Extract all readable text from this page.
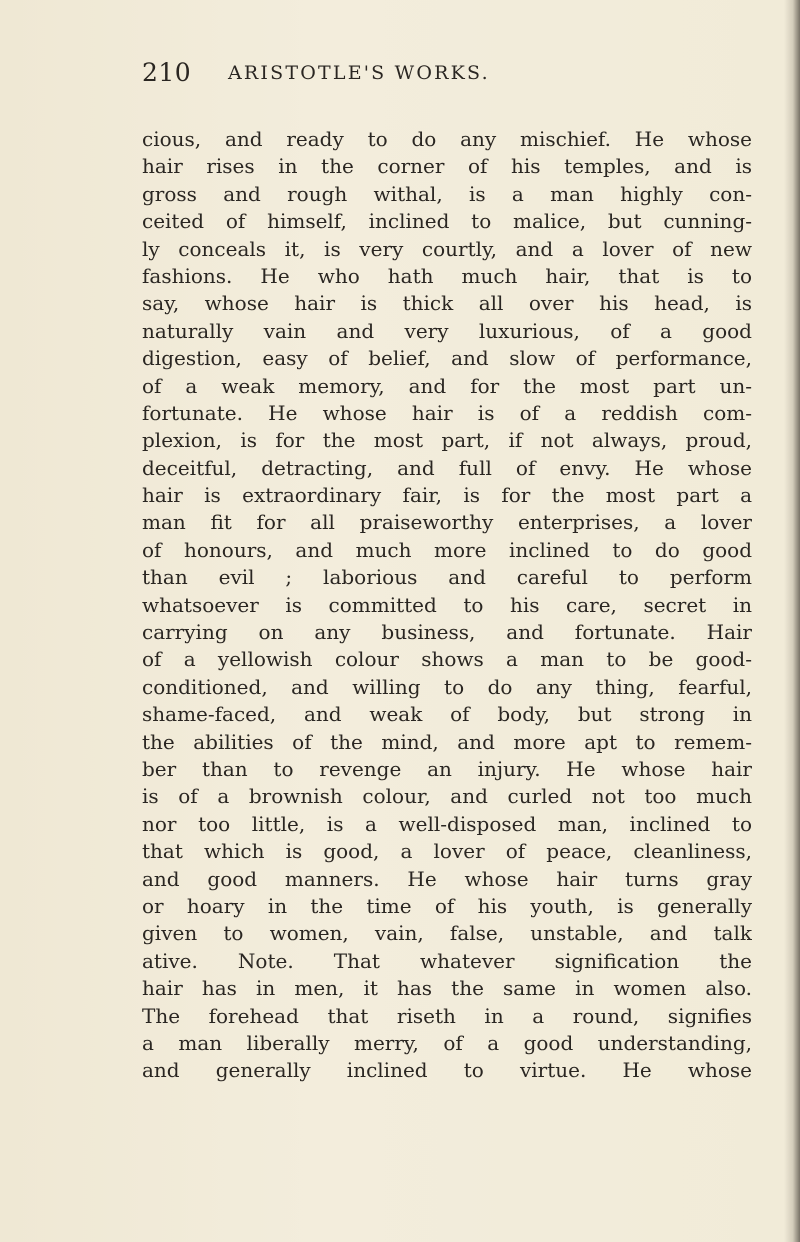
210 ARISTOTLE'S WORKS.
cious, and ready to do any mischief. He whose
hair rises in the corner of his temples, and is
gross and rough withal, is a man highly con-
ceited of himself, inclined to malice, but cunning-
ly conceals it, is very courtly, and a lover of new
fashions. He who hath much hair, that is to
say, whose hair is thick all over his head, is
naturally vain and very luxurious, of a good
digestion, easy of belief, and slow of performance,
of a weak memory, and for the most part un-
fortunate. He whose hair is of a reddish com-
plexion, is for the most part, if not always, proud,
deceitful, detracting, and full of envy. He whose
hair is extraordinary fair, is for the most part a
man fit for all praiseworthy enterprises, a lover
of honours, and much more inclined to do good
than evil ; laborious and careful to perform
whatsoever is committed to his care, secret in
carrying on any business, and fortunate. Hair
of a yellowish colour shows a man to be good-
conditioned, and willing to do any thing, fearful,
shame-faced, and weak of body, but strong in
the abilities of the mind, and more apt to remem-
ber than to revenge an injury. He whose hair
is of a brownish colour, and curled not too much
nor too little, is a well-disposed man, inclined to
that which is good, a lover of peace, cleanliness,
and good manners. He whose hair turns gray
or hoary in the time of his youth, is generally
given to women, vain, false, unstable, and talk
ative. Note. That whatever signification the
hair has in men, it has the same in women also.
The forehead that riseth in a round, signifies
a man liberally merry, of a good understanding,
and generally inclined to virtue. He whose
